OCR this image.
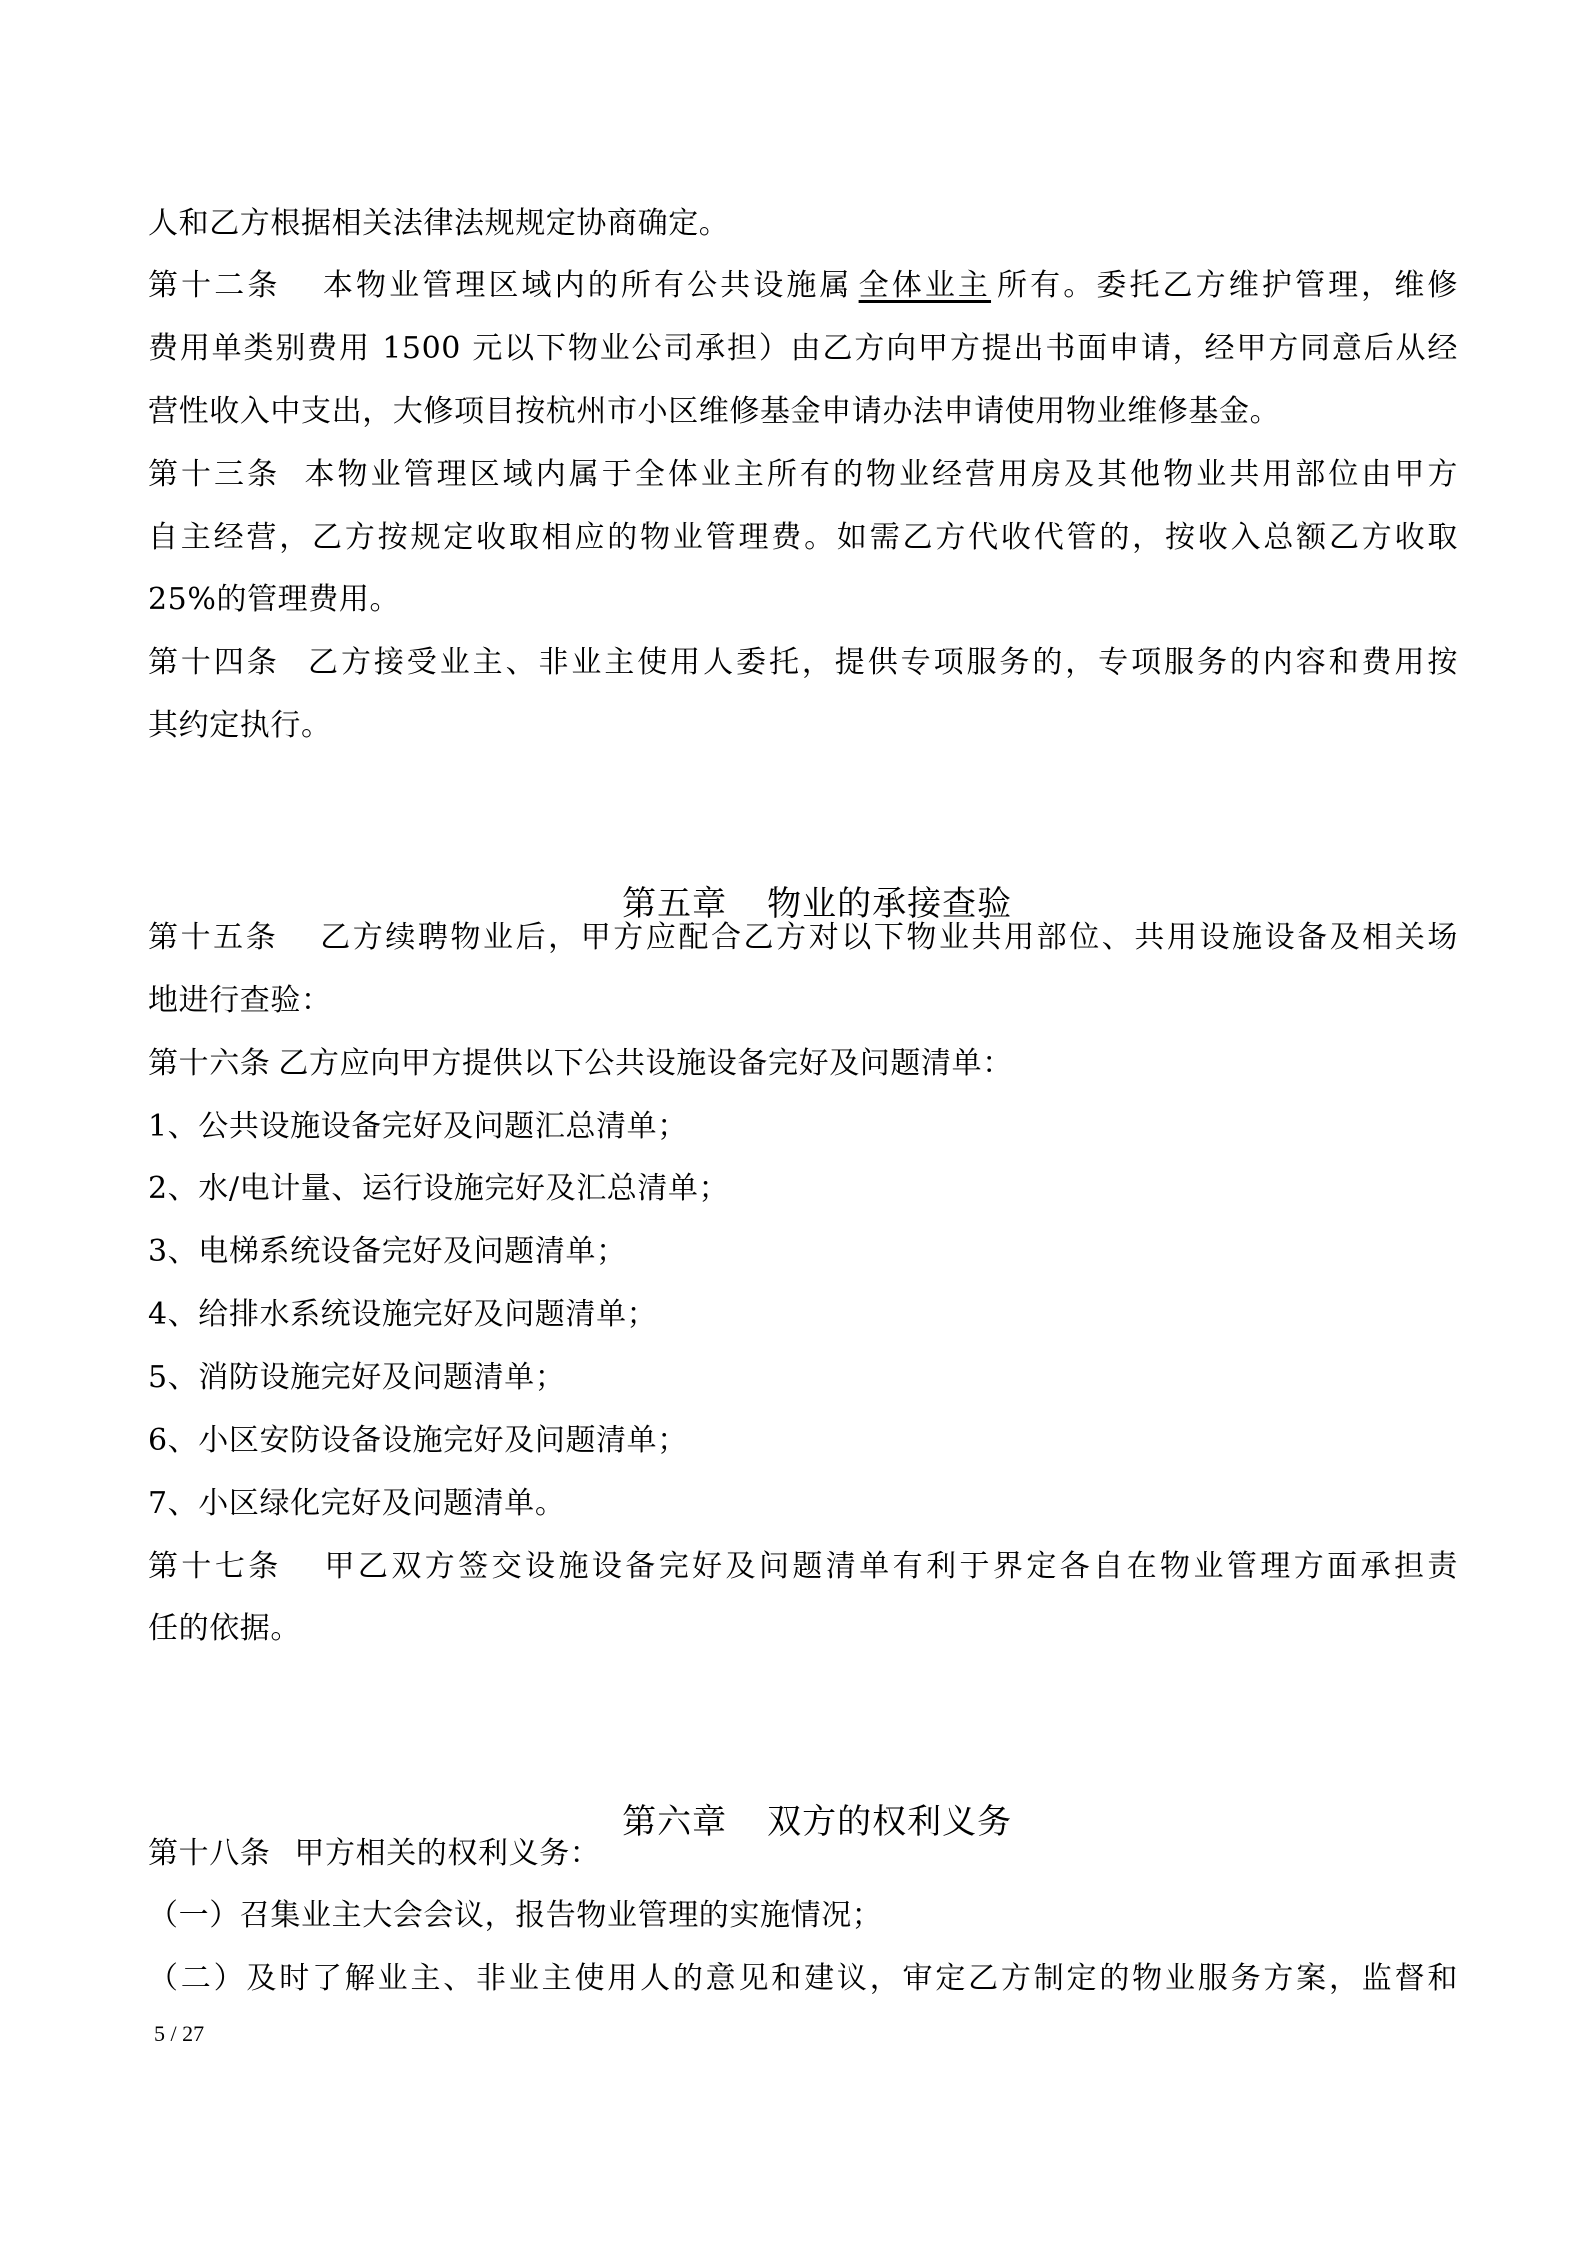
人和乙方根据相关法律法规规定协商确定。
第十二条 本物业管理区域内的所有公共设施属 全体业主 所有。委托乙方维护管理，维修
费用单类别费用 1500 元以下物业公司承担）由乙方向甲方提出书面申请，经甲方同意后从经
营性收入中支出，大修项目按杭州市小区维修基金申请办法申请使用物业维修基金。
第十三条 本物业管理区域内属于全体业主所有的物业经营用房及其他物业共用部位由甲方
自主经营，乙方按规定收取相应的物业管理费。如需乙方代收代管的，按收入总额乙方收取
25%的管理费用。
第十四条 乙方接受业主、非业主使用人委托，提供专项服务的，专项服务的内容和费用按
其约定执行。

第五章 物业的承接查验

第十五条 乙方续聘物业后，甲方应配合乙方对以下物业共用部位、共用设施设备及相关场
地进行查验：
第十六条 乙方应向甲方提供以下公共设施设备完好及问题清单：
1、公共设施设备完好及问题汇总清单；
2、水/电计量、运行设施完好及汇总清单；
3、电梯系统设备完好及问题清单；
4、给排水系统设施完好及问题清单；
5、消防设施完好及问题清单；
6、小区安防设备设施完好及问题清单；
7、小区绿化完好及问题清单。
第十七条 甲乙双方签交设施设备完好及问题清单有利于界定各自在物业管理方面承担责
任的依据。

第六章 双方的权利义务

第十八条 甲方相关的权利义务：
（一）召集业主大会会议，报告物业管理的实施情况；
（二）及时了解业主、非业主使用人的意见和建议，审定乙方制定的物业服务方案，监督和
5 / 27
